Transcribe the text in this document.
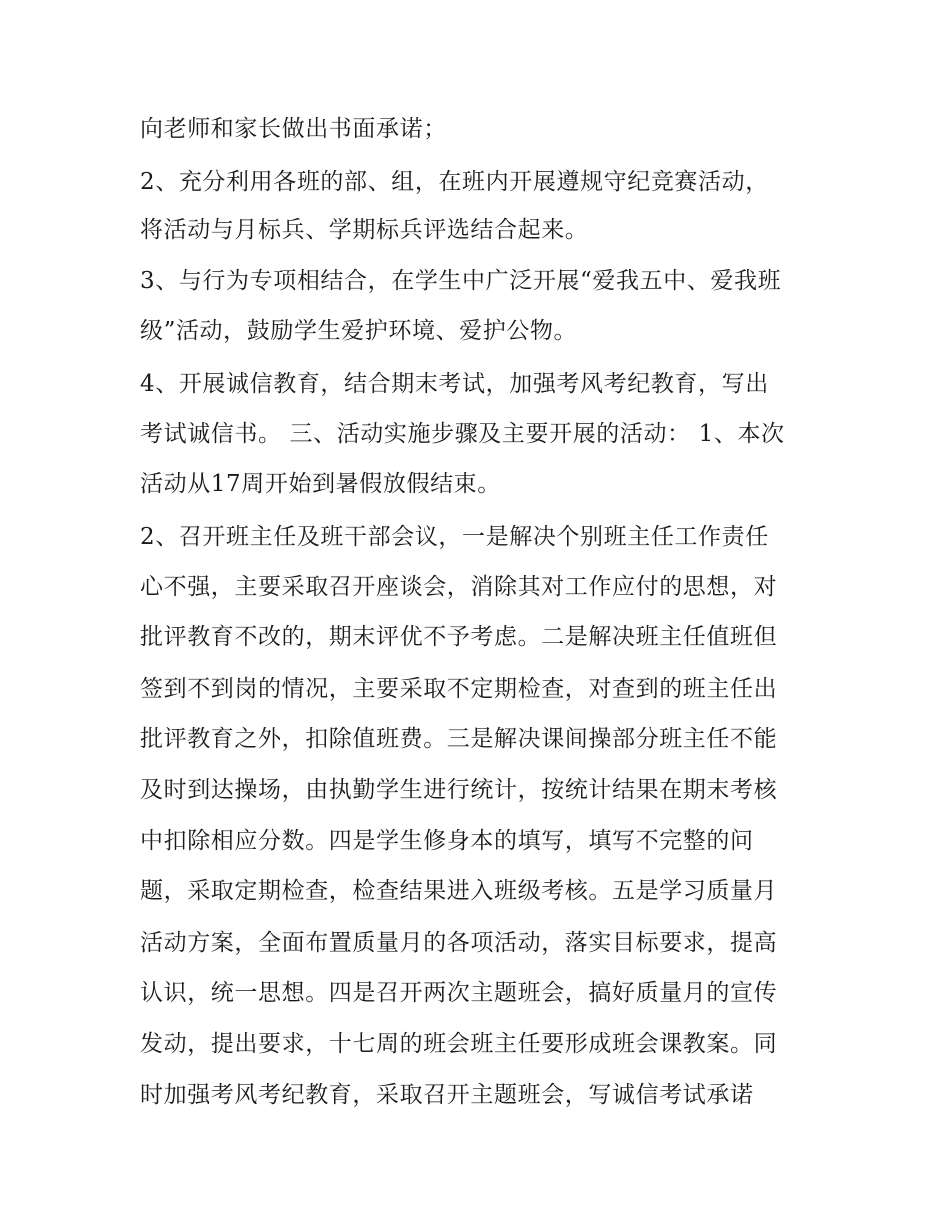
向老师和家长做出书面承诺；
2、充分利用各班的部、组，在班内开展遵规守纪竞赛活动，
将活动与月标兵、学期标兵评选结合起来。
3、与行为专项相结合，在学生中广泛开展“爱我五中、爱我班
级”活动，鼓励学生爱护环境、爱护公物。
4、开展诚信教育，结合期末考试，加强考风考纪教育，写出
考试诚信书。 三、活动实施步骤及主要开展的活动： 1、本次
活动从17周开始到暑假放假结束。
2、召开班主任及班干部会议，一是解决个别班主任工作责任
心不强，主要采取召开座谈会，消除其对工作应付的思想，对
批评教育不改的，期末评优不予考虑。二是解决班主任值班但
签到不到岗的情况，主要采取不定期检查，对查到的班主任出
批评教育之外，扣除值班费。三是解决课间操部分班主任不能
及时到达操场，由执勤学生进行统计，按统计结果在期末考核
中扣除相应分数。四是学生修身本的填写，填写不完整的问
题，采取定期检查，检查结果进入班级考核。五是学习质量月
活动方案，全面布置质量月的各项活动，落实目标要求，提高
认识，统一思想。四是召开两次主题班会，搞好质量月的宣传
发动，提出要求，十七周的班会班主任要形成班会课教案。同
时加强考风考纪教育，采取召开主题班会，写诚信考试承诺
